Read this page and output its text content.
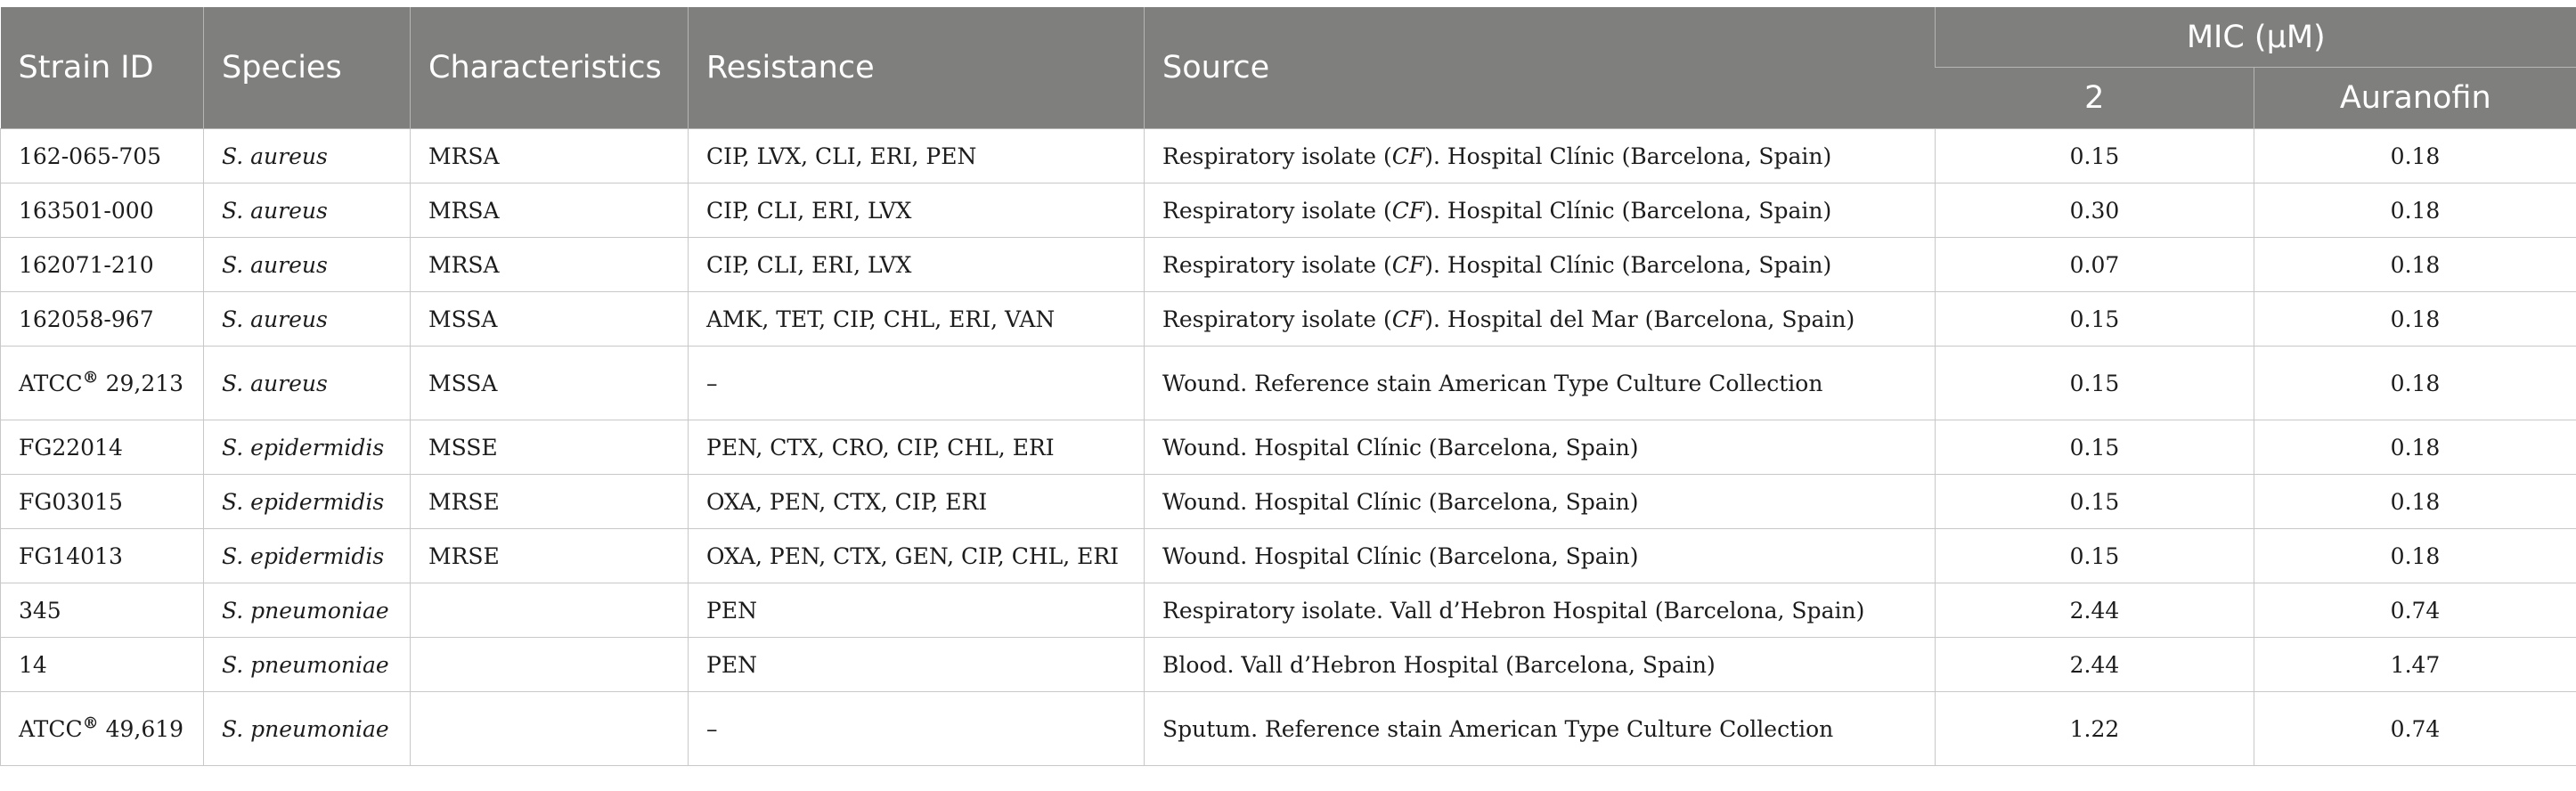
Strain ID	Species	Characteristics	Resistance	Source	MIC (μM)	
					2	Auranofin
162-065-705	S. aureus	MRSA	CIP, LVX, CLI, ERI, PEN	Respiratory isolate (CF). Hospital Clínic (Barcelona, Spain)	0.15	0.18
163501-000	S. aureus	MRSA	CIP, CLI, ERI, LVX	Respiratory isolate (CF). Hospital Clínic (Barcelona, Spain)	0.30	0.18
162071-210	S. aureus	MRSA	CIP, CLI, ERI, LVX	Respiratory isolate (CF). Hospital Clínic (Barcelona, Spain)	0.07	0.18
162058-967	S. aureus	MSSA	AMK, TET, CIP, CHL, ERI, VAN	Respiratory isolate (CF). Hospital del Mar (Barcelona, Spain)	0.15	0.18
ATCC® 29,213	S. aureus	MSSA	–	Wound. Reference stain American Type Culture Collection	0.15	0.18
FG22014	S. epidermidis	MSSE	PEN, CTX, CRO, CIP, CHL, ERI	Wound. Hospital Clínic (Barcelona, Spain)	0.15	0.18
FG03015	S. epidermidis	MRSE	OXA, PEN, CTX, CIP, ERI	Wound. Hospital Clínic (Barcelona, Spain)	0.15	0.18
FG14013	S. epidermidis	MRSE	OXA, PEN, CTX, GEN, CIP, CHL, ERI	Wound. Hospital Clínic (Barcelona, Spain)	0.15	0.18
345	S. pneumoniae		PEN	Respiratory isolate. Vall d’Hebron Hospital (Barcelona, Spain)	2.44	0.74
14	S. pneumoniae		PEN	Blood. Vall d’Hebron Hospital (Barcelona, Spain)	2.44	1.47
ATCC® 49,619	S. pneumoniae		–	Sputum. Reference stain American Type Culture Collection	1.22	0.74
